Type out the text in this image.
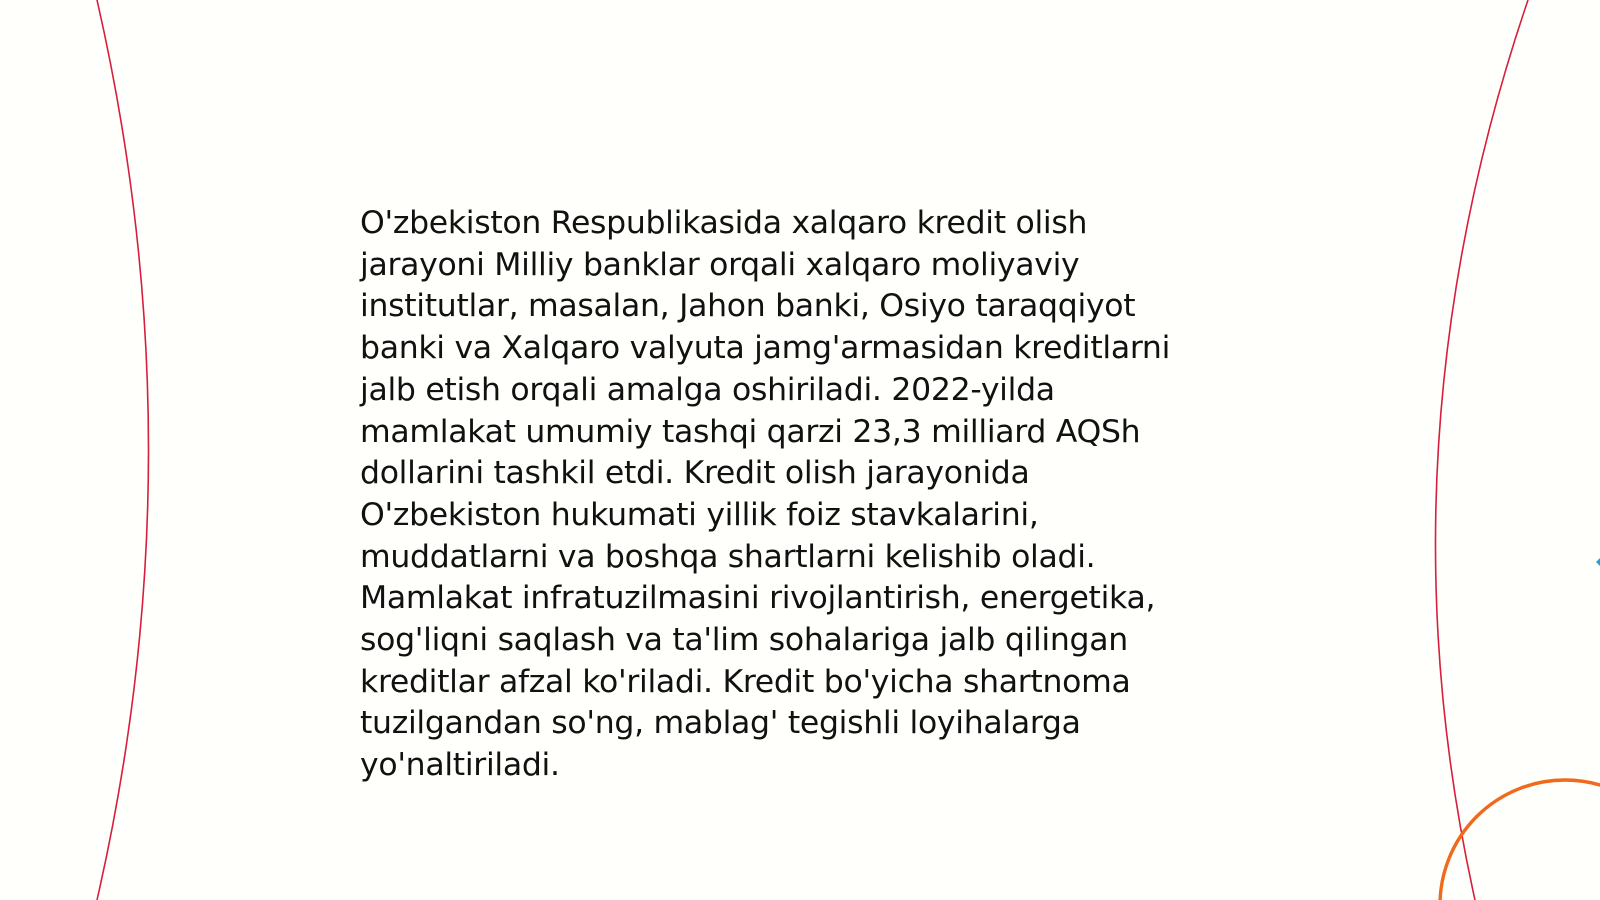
O'zbekiston Respublikasida xalqaro kredit olish jarayoni Milliy banklar orqali xalqaro moliyaviy institutlar, masalan, Jahon banki, Osiyo taraqqiyot banki va Xalqaro valyuta jamg'armasidan kreditlarni jalb etish orqali amalga oshiriladi. 2022-yilda mamlakat umumiy tashqi qarzi 23,3 milliard AQSh dollarini tashkil etdi. Kredit olish jarayonida O'zbekiston hukumati yillik foiz stavkalarini, muddatlarni va boshqa shartlarni kelishib oladi. Mamlakat infratuzilmasini rivojlantirish, energetika, sog'liqni saqlash va ta'lim sohalariga jalb qilingan kreditlar afzal ko'riladi. Kredit bo'yicha shartnoma tuzilgandan so'ng, mablag' tegishli loyihalarga yo'naltiriladi.
